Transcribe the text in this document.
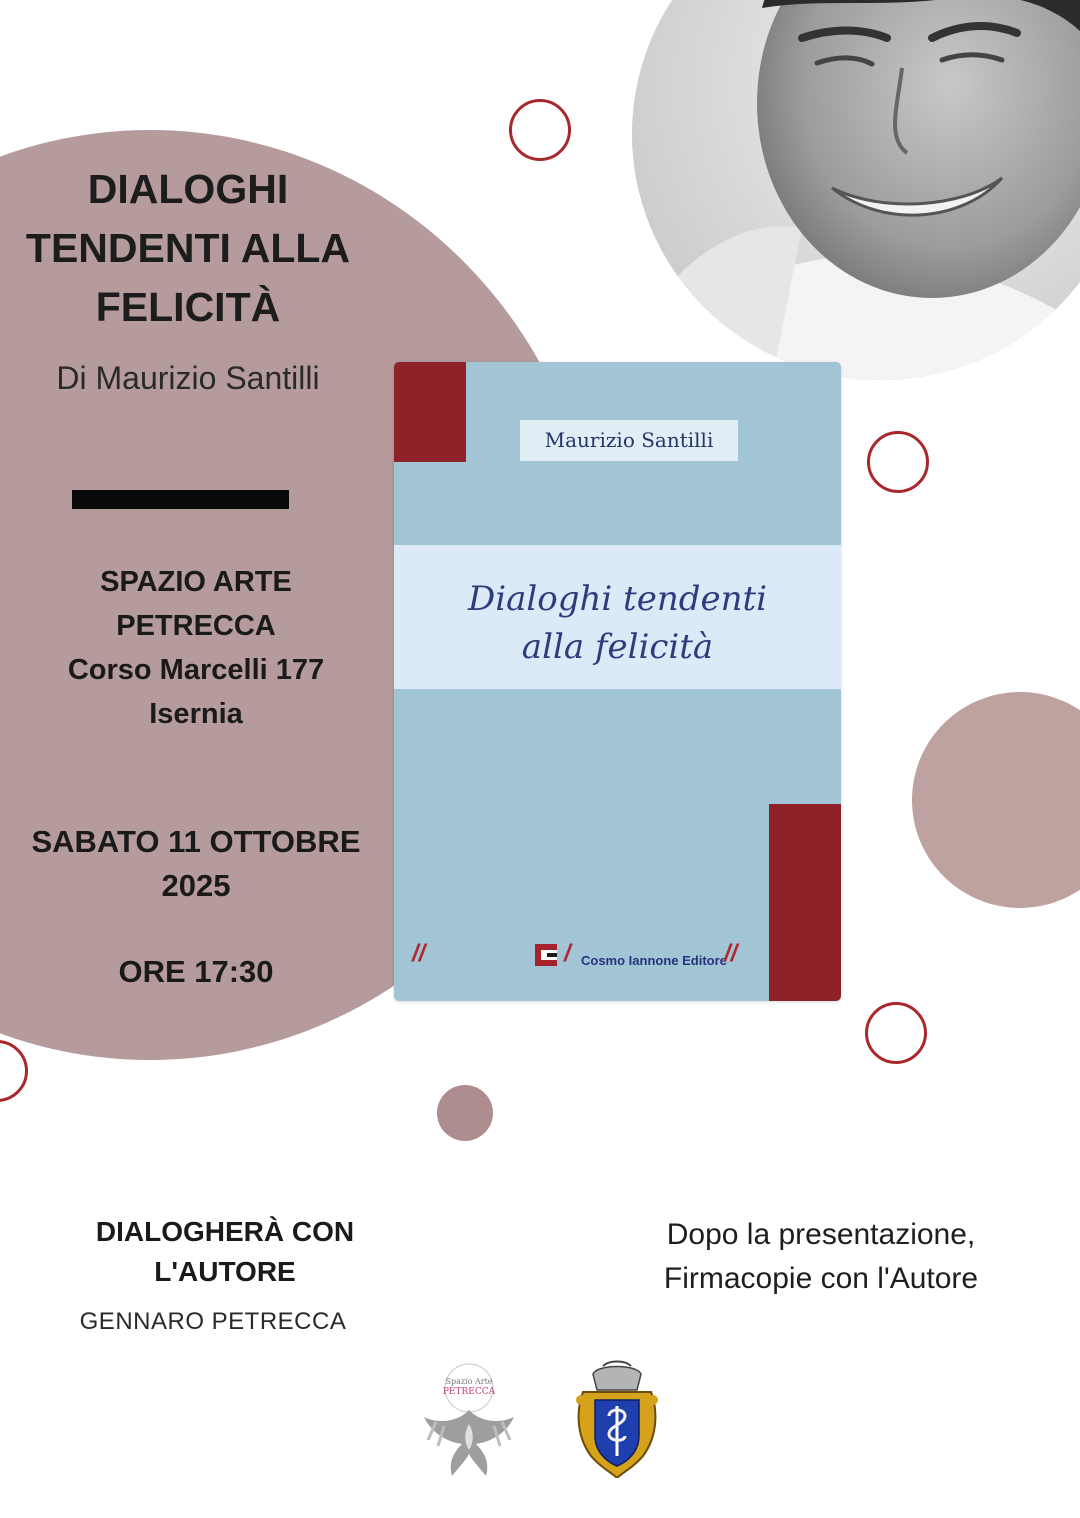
DIALOGHI
TENDENTI ALLA
FELICITÀ
Di Maurizio Santilli
SPAZIO ARTE
PETRECCA
Corso Marcelli 177
Isernia
SABATO 11 OTTOBRE
2025
ORE 17:30
Maurizio Santilli
Dialoghi tendenti
alla felicità
//	/ Cosmo Iannone Editore
//
DIALOGHERÀ CON
L'AUTORE
GENNARO PETRECCA
Dopo la presentazione,
Firmacopie con l'Autore
Spazio Arte
PETRECCA
